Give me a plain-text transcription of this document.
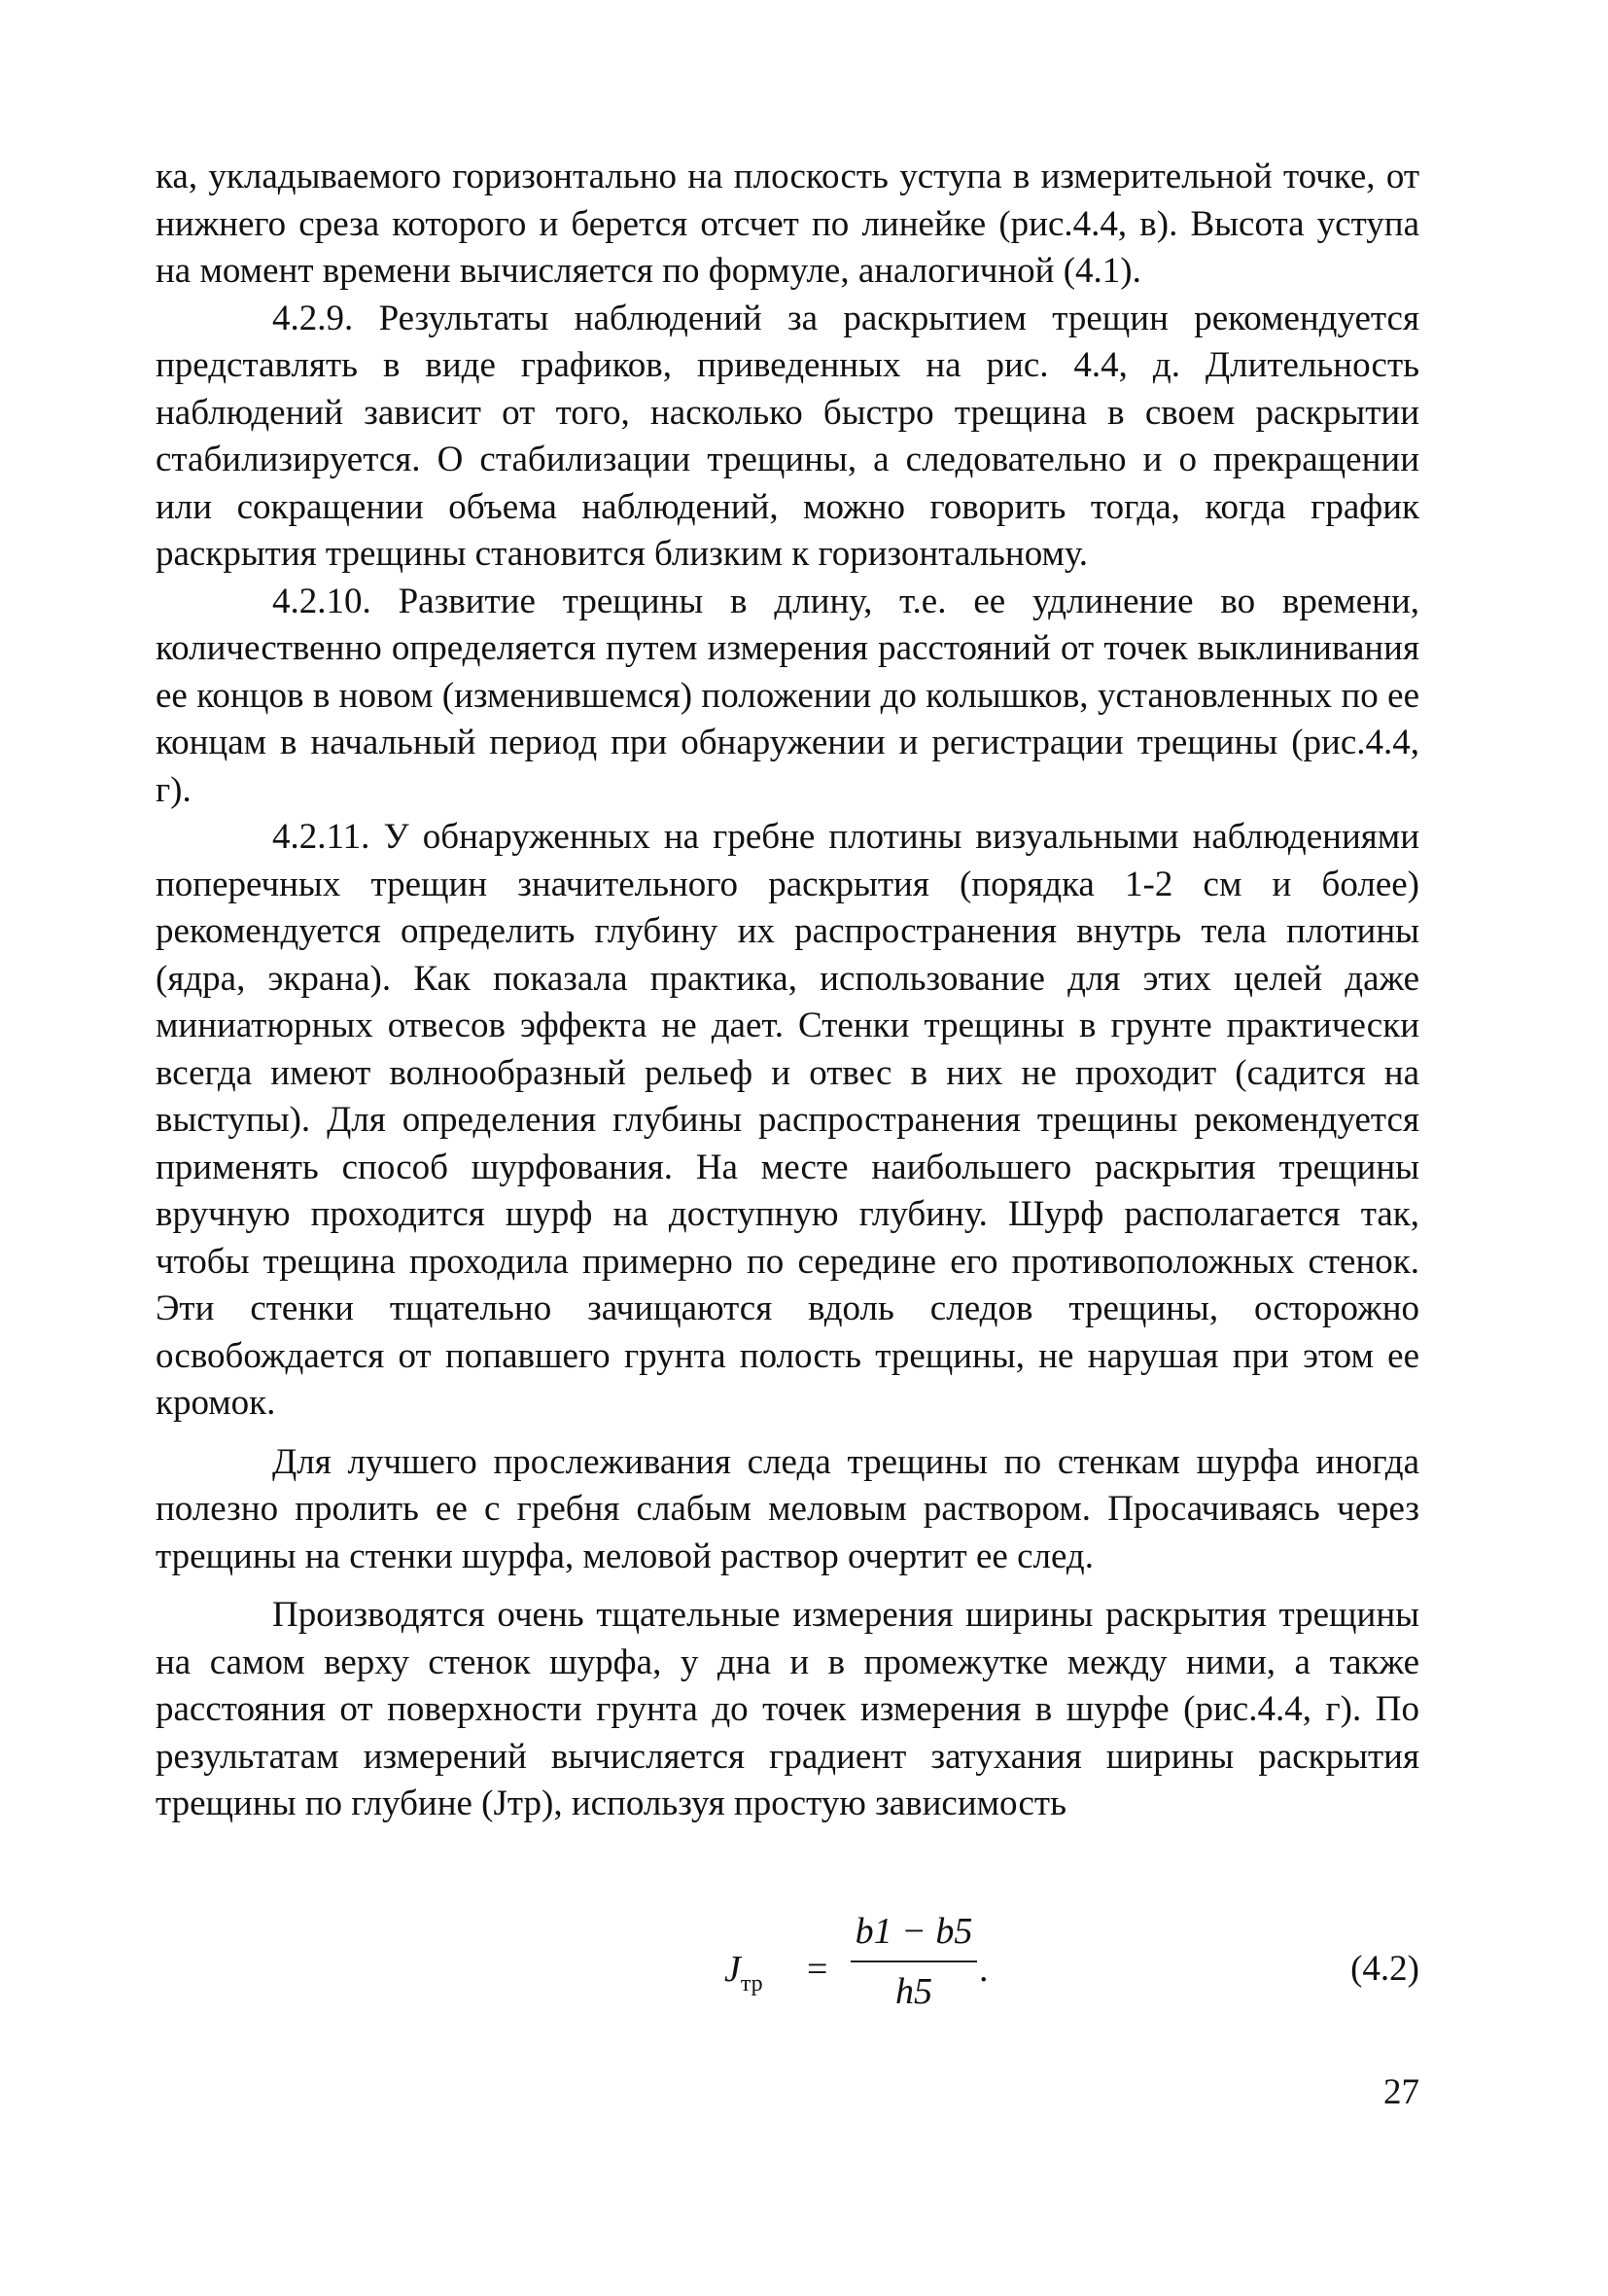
ка, укладываемого горизонтально на плоскость уступа в измерительной точке, от нижнего среза которого и берется отсчет по линейке (рис.4.4, в). Высота уступа на момент времени вычисляется по формуле, аналогичной (4.1).

4.2.9. Результаты наблюдений за раскрытием трещин рекомендуется представлять в виде графиков, приведенных на рис. 4.4, д. Длительность наблюдений зависит от того, насколько быстро трещина в своем раскрытии стабилизируется. О стабилизации трещины, а следовательно и о прекращении или сокращении объема наблюдений, можно говорить тогда, когда график раскрытия трещины становится близким к горизонтальному.

4.2.10. Развитие трещины в длину, т.е. ее удлинение во времени, количественно определяется путем измерения расстояний от точек выклинивания ее концов в новом (изменившемся) положении до колышков, установленных по ее концам в начальный период при обнаружении и регистрации трещины (рис.4.4, г).

4.2.11. У обнаруженных на гребне плотины визуальными наблюдениями поперечных трещин значительного раскрытия (порядка 1-2 см и более) рекомендуется определить глубину их распространения внутрь тела плотины (ядра, экрана). Как показала практика, использование для этих целей даже миниатюрных отвесов эффекта не дает. Стенки трещины в грунте практически всегда имеют волнообразный рельеф и отвес в них не проходит (садится на выступы). Для определения глубины распространения трещины рекомендуется применять способ шурфования. На месте наибольшего раскрытия трещины вручную проходится шурф на доступную глубину. Шурф располагается так, чтобы трещина проходила примерно по середине его противоположных стенок. Эти стенки тщательно зачищаются вдоль следов трещины, осторожно освобождается от попавшего грунта полость трещины, не нарушая при этом ее кромок.

Для лучшего прослеживания следа трещины по стенкам шурфа иногда полезно пролить ее с гребня слабым меловым раствором. Просачиваясь через трещины на стенки шурфа, меловой раствор очертит ее след.

Производятся очень тщательные измерения ширины раскрытия трещины на самом верху стенок шурфа, у дна и в промежутке между ними, а также расстояния от поверхности грунта до точек измерения в шурфе (рис.4.4, г). По результатам измерений вычисляется градиент затухания ширины раскрытия трещины по глубине (Jтр), используя простую зависимость

$J_{тр}$ =
b1 − b5
h5
.	(4.2)
27
